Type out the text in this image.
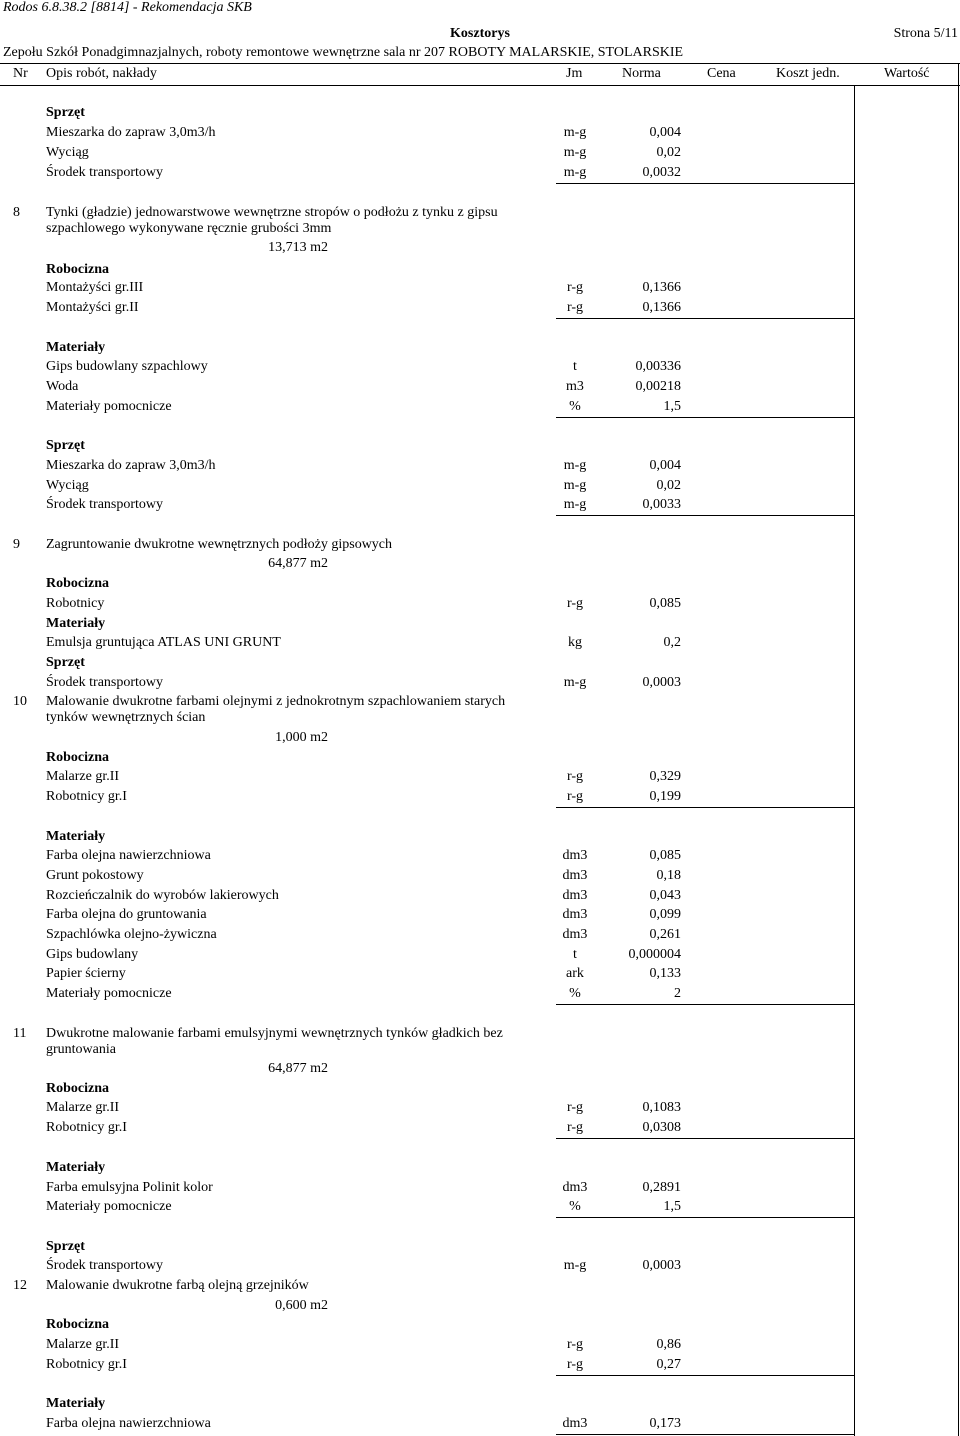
Rodos 6.8.38.2 [8814] - Rekomendacja SKB
Kosztorys	Strona 5/11
Zepołu Szkół Ponadgimnazjalnych, roboty remontowe wewnętrzne sala nr 207 ROBOTY MALARSKIE, STOLARSKIE
Nr Opis robót, nakłady	Jm	Norma	Cena	Koszt jedn.	Wartość
Sprzęt
Mieszarka do zapraw 3,0m3/h	m-g	0,004
Wyciąg	m-g	0,02
Środek transportowy	m-g	0,0032
8 Tynki (gładzie) jednowarstwowe wewnętrzne stropów o podłożu z tynku z gipsu
szpachlowego wykonywane ręcznie grubości 3mm
13,713 m2
Robocizna
Montażyści gr.III	r-g	0,1366
Montażyści gr.II	r-g	0,1366
Materiały
Gips budowlany szpachlowy	t	0,00336
Woda	m3	0,00218
Materiały pomocnicze	%	1,5
Sprzęt
Mieszarka do zapraw 3,0m3/h	m-g	0,004
Wyciąg	m-g	0,02
Środek transportowy	m-g	0,0033
9 Zagruntowanie dwukrotne wewnętrznych podłoży gipsowych
64,877 m2
Robocizna
Robotnicy	r-g	0,085
Materiały
Emulsja gruntująca ATLAS UNI GRUNT	kg	0,2
Sprzęt
Środek transportowy	m-g	0,0003
10 Malowanie dwukrotne farbami olejnymi z jednokrotnym szpachlowaniem starych
tynków wewnętrznych ścian
1,000 m2
Robocizna
Malarze gr.II	r-g	0,329
Robotnicy gr.I	r-g	0,199
Materiały
Farba olejna nawierzchniowa	dm3	0,085
Grunt pokostowy	dm3	0,18
Rozcieńczalnik do wyrobów lakierowych	dm3	0,043
Farba olejna do gruntowania	dm3	0,099
Szpachlówka olejno-żywiczna	dm3	0,261
Gips budowlany	t	0,000004
Papier ścierny	ark	0,133
Materiały pomocnicze	%	2
11 Dwukrotne malowanie farbami emulsyjnymi wewnętrznych tynków gładkich bez
gruntowania
64,877 m2
Robocizna
Malarze gr.II	r-g	0,1083
Robotnicy gr.I	r-g	0,0308
Materiały
Farba emulsyjna Polinit kolor	dm3	0,2891
Materiały pomocnicze	%	1,5
Sprzęt
Środek transportowy	m-g	0,0003
12 Malowanie dwukrotne farbą olejną grzejników
0,600 m2
Robocizna
Malarze gr.II	r-g	0,86
Robotnicy gr.I	r-g	0,27
Materiały
Farba olejna nawierzchniowa	dm3	0,173
